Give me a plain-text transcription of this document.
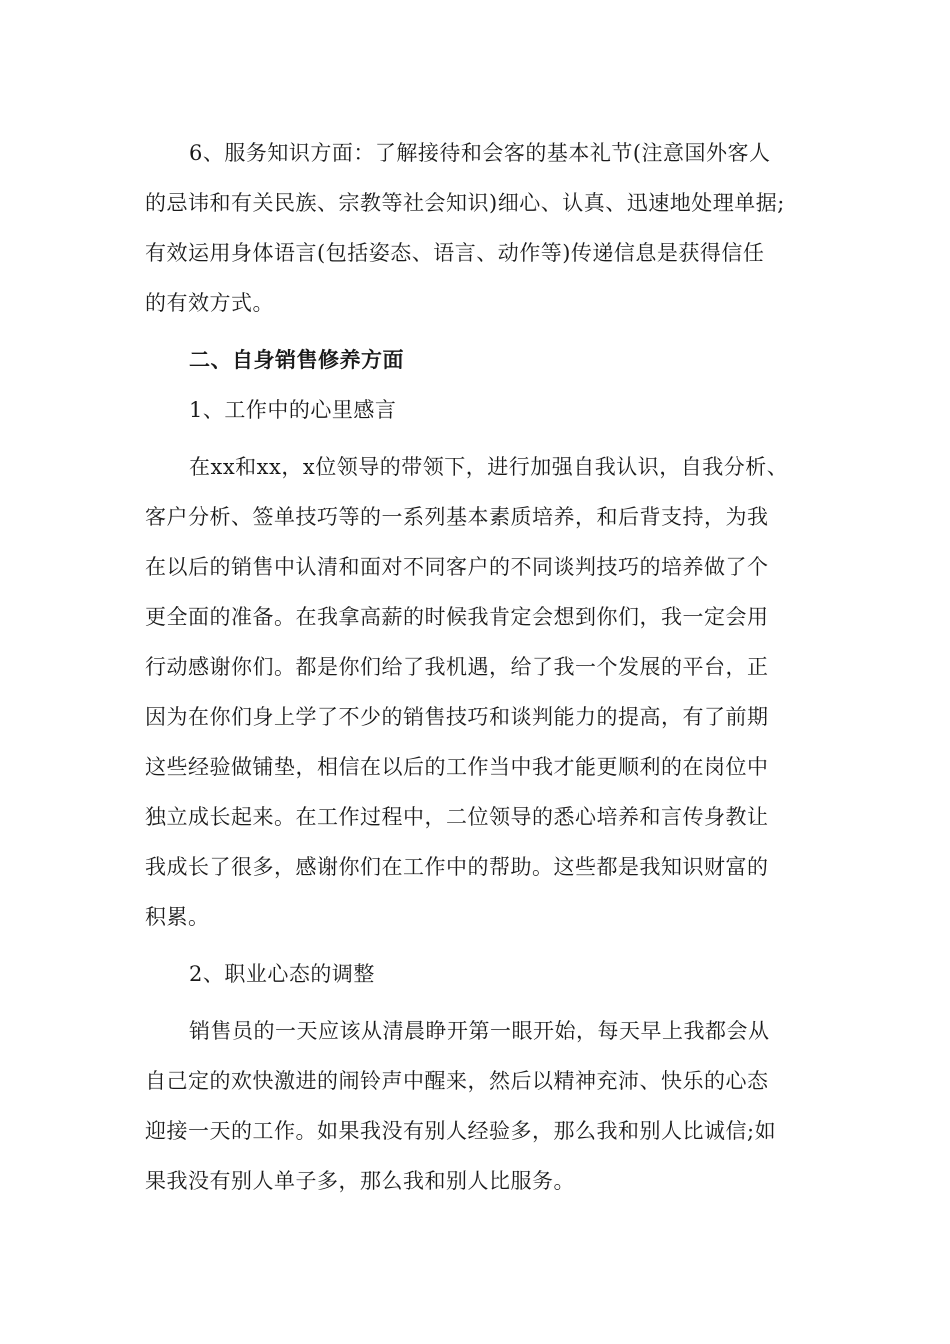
6、服务知识方面：了解接待和会客的基本礼节(注意国外客人
的忌讳和有关民族、宗教等社会知识)细心、认真、迅速地处理单据;
有效运用身体语言(包括姿态、语言、动作等)传递信息是获得信任
的有效方式。
二、自身销售修养方面
1、工作中的心里感言
在xx和xx，x位领导的带领下，进行加强自我认识，自我分析、
客户分析、签单技巧等的一系列基本素质培养，和后背支持，为我
在以后的销售中认清和面对不同客户的不同谈判技巧的培养做了个
更全面的准备。在我拿高薪的时候我肯定会想到你们，我一定会用
行动感谢你们。都是你们给了我机遇，给了我一个发展的平台，正
因为在你们身上学了不少的销售技巧和谈判能力的提高，有了前期
这些经验做铺垫，相信在以后的工作当中我才能更顺利的在岗位中
独立成长起来。在工作过程中，二位领导的悉心培养和言传身教让
我成长了很多，感谢你们在工作中的帮助。这些都是我知识财富的
积累。
2、职业心态的调整
销售员的一天应该从清晨睁开第一眼开始，每天早上我都会从
自己定的欢快激进的闹铃声中醒来，然后以精神充沛、快乐的心态
迎接一天的工作。如果我没有别人经验多，那么我和别人比诚信;如
果我没有别人单子多，那么我和别人比服务。
